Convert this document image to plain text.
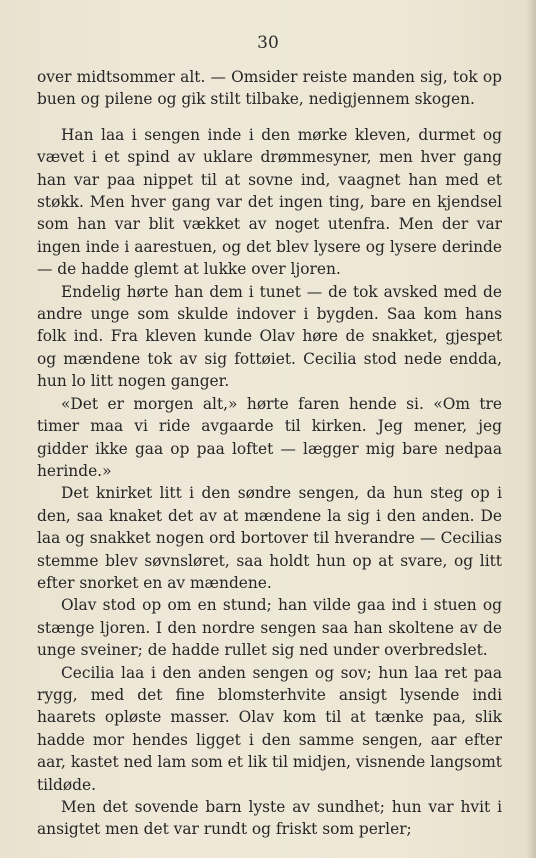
30

over midtsommer alt. — Omsider reiste manden sig, tok op buen og pilene og gik stilt tilbake, nedigjennem skogen.

Han laa i sengen inde i den mørke kleven, durmet og vævet i et spind av uklare drømmesyner, men hver gang han var paa nippet til at sovne ind, vaagnet han med et støkk. Men hver gang var det ingen ting, bare en kjendsel som han var blit vækket av noget utenfra. Men der var ingen inde i aarestuen, og det blev lysere og lysere derinde — de hadde glemt at lukke over ljoren.

Endelig hørte han dem i tunet — de tok avsked med de andre unge som skulde indover i bygden. Saa kom hans folk ind. Fra kleven kunde Olav høre de snakket, gjespet og mændene tok av sig fottøiet. Cecilia stod nede endda, hun lo litt nogen ganger.

«Det er morgen alt,» hørte faren hende si. «Om tre timer maa vi ride avgaarde til kirken. Jeg mener, jeg gidder ikke gaa op paa loftet — lægger mig bare nedpaa herinde.»

Det knirket litt i den søndre sengen, da hun steg op i den, saa knaket det av at mændene la sig i den anden. De laa og snakket nogen ord bortover til hverandre — Cecilias stemme blev søvnsløret, saa holdt hun op at svare, og litt efter snorket en av mændene.

Olav stod op om en stund; han vilde gaa ind i stuen og stænge ljoren. I den nordre sengen saa han skoltene av de unge sveiner; de hadde rullet sig ned under overbredslet.

Cecilia laa i den anden sengen og sov; hun laa ret paa rygg, med det fine blomsterhvite ansigt lysende indi haarets opløste masser. Olav kom til at tænke paa, slik hadde mor hendes ligget i den samme sengen, aar efter aar, kastet ned lam som et lik til midjen, visnende langsomt tildøde.

Men det sovende barn lyste av sundhet; hun var hvit i ansigtet men det var rundt og friskt som perler;
